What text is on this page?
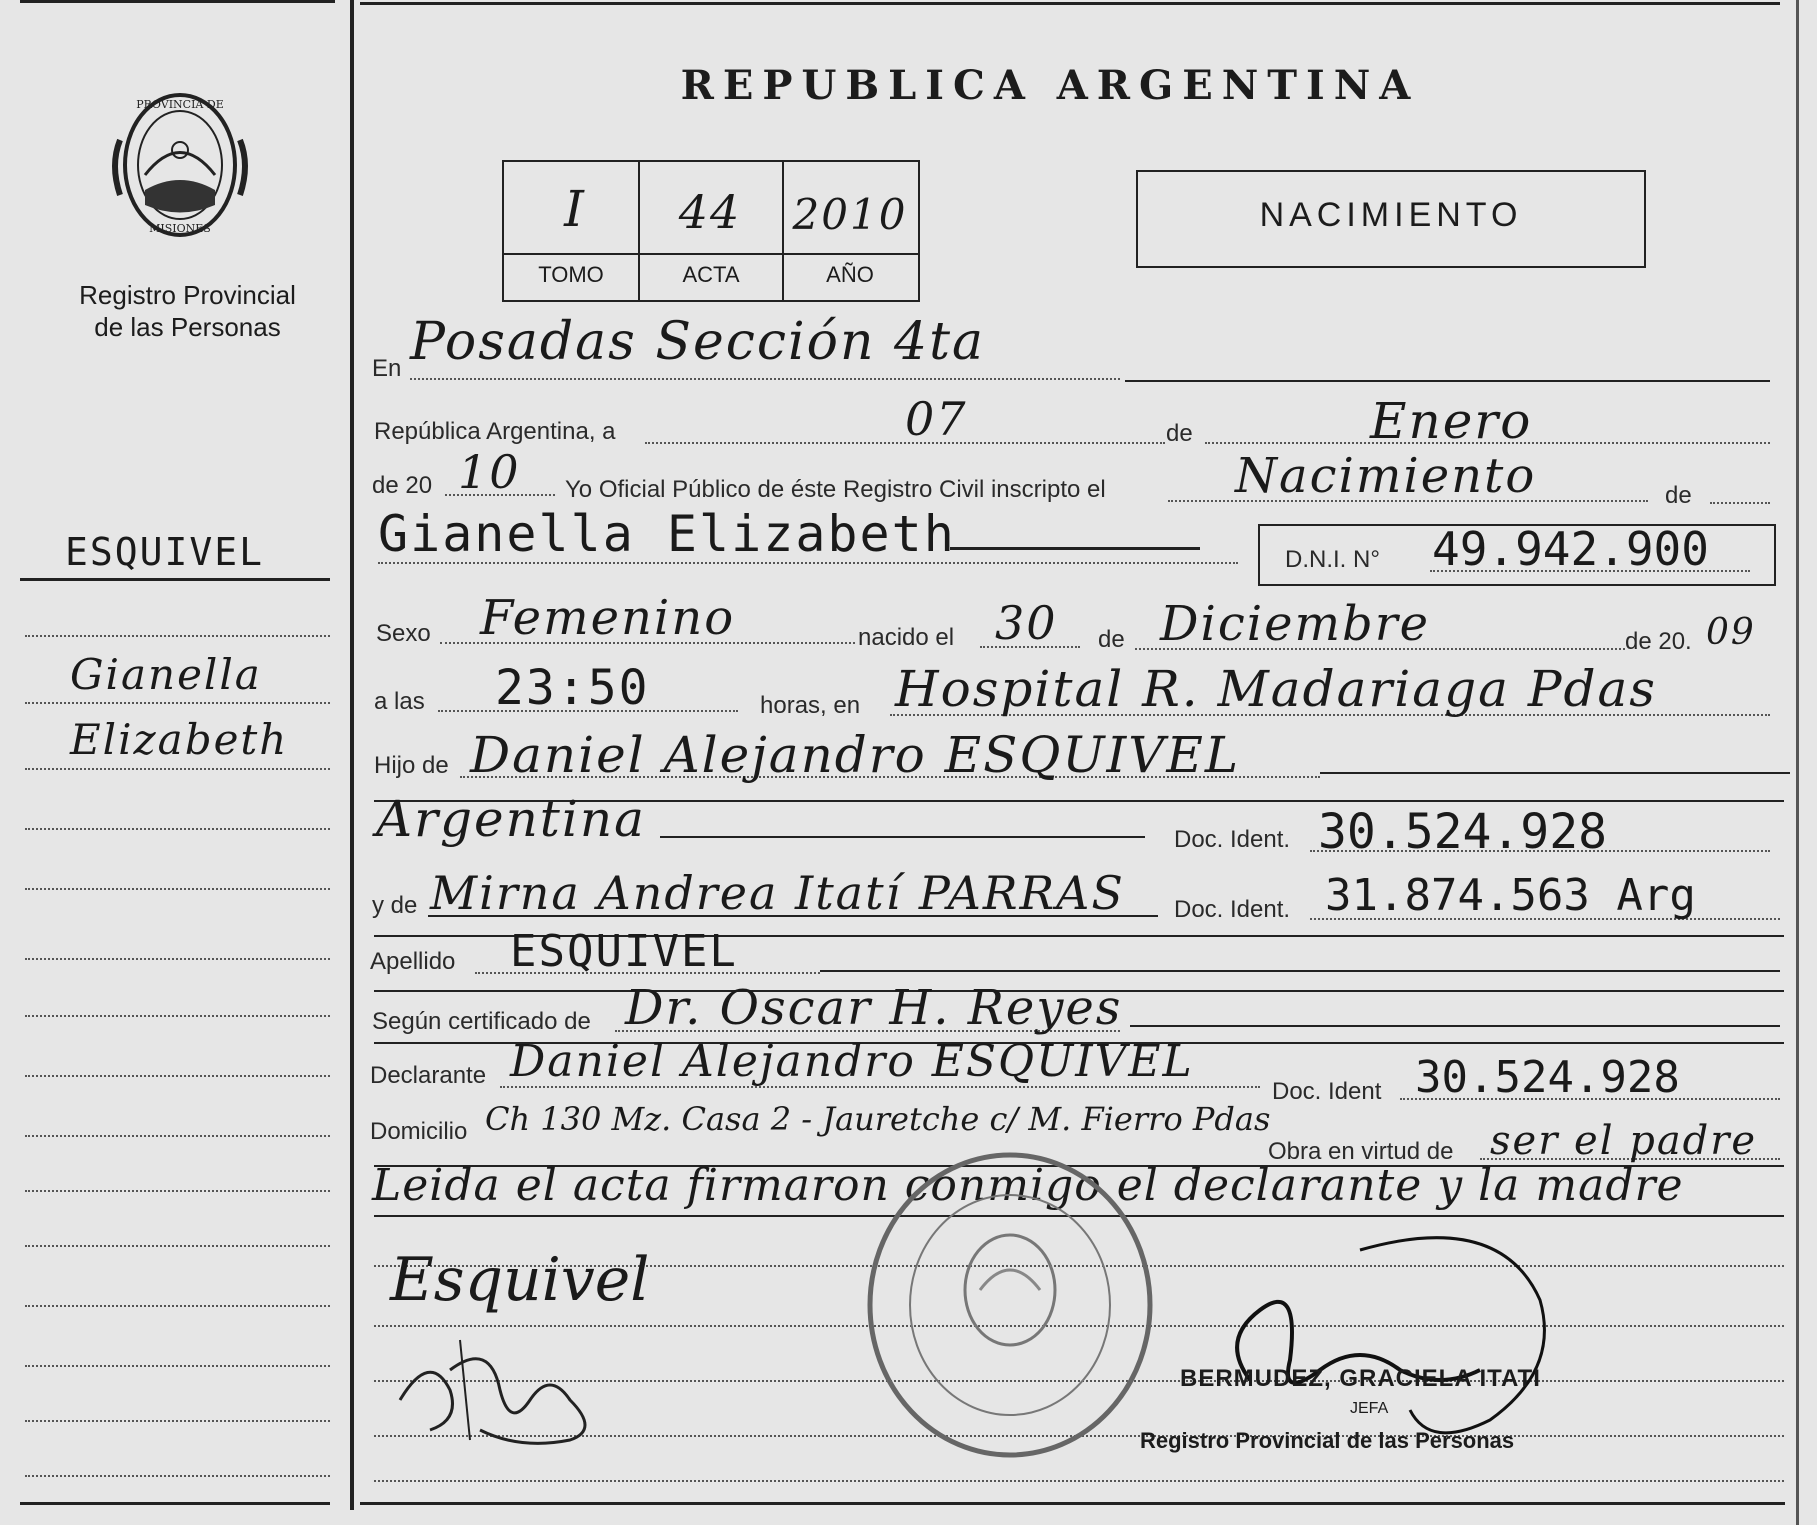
PROVINCIA DE
MISIONES
Registro Provincial
de las Personas
ESQUIVEL
Gianella
Elizabeth
REPUBLICA ARGENTINA
I	44	2010
TOMO	ACTA	AÑO
NACIMIENTO
En Posadas Sección 4ta
República Argentina, a	07	de	Enero
de 20 10 Yo Oficial Público de éste Registro Civil inscripto el	Nacimiento	de
Gianella Elizabeth	D.N.I. N° 49.942.900
Sexo Femenino	nacido el 30 de Diciembre	de 20. 09
a las 23:50	horas, en Hospital R. Madariaga Pdas
Hijo de Daniel Alejandro ESQUIVEL
Argentina	Doc. Ident. 30.524.928
y de Mirna Andrea Itatí PARRAS Doc. Ident. 31.874.563 Arg
Apellido ESQUIVEL
Según certificado de Dr. Oscar H. Reyes
Declarante Daniel Alejandro ESQUIVEL
Doc. Ident 30.524.928
Domicilio Ch 130 Mz. Casa 2 - Jauretche c/ M. Fierro Pdas
Obra en virtud de ser el padre
Leida el acta firmaron conmigo el declarante y la madre
Esquivel
BERMUDEZ, GRACIELA ITATI
JEFA
Registro Provincial de las Personas
